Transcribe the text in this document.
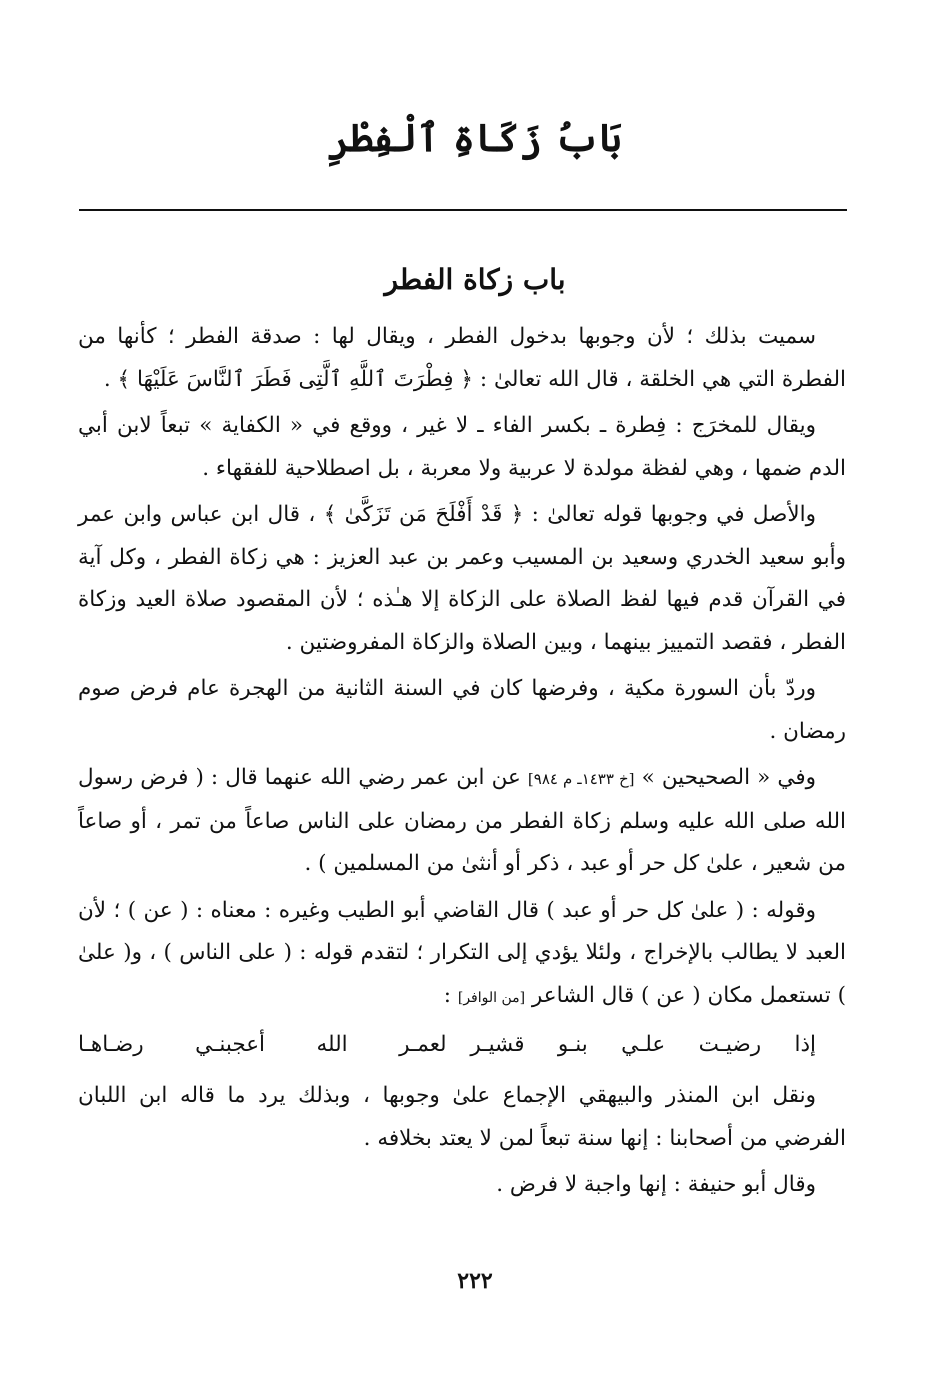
بَابُ زَكَاةِ ٱلْفِطْرِ
باب زكاة الفطر

سميت بذلك ؛ لأن وجوبها بدخول الفطر ، ويقال لها : صدقة الفطر ؛ كأنها من الفطرة التي هي الخلقة ، قال الله تعالىٰ : ﴿ فِطْرَتَ ٱللَّهِ ٱلَّتِى فَطَرَ ٱلنَّاسَ عَلَيْهَا ﴾ .

ويقال للمخرَج : فِطرة ـ بكسر الفاء ـ لا غير ، ووقع في « الكفاية » تبعاً لابن أبي الدم ضمها ، وهي لفظة مولدة لا عربية ولا معربة ، بل اصطلاحية للفقهاء .

والأصل في وجوبها قوله تعالىٰ : ﴿ قَدْ أَفْلَحَ مَن تَزَكَّىٰ ﴾ ، قال ابن عباس وابن عمر وأبو سعيد الخدري وسعيد بن المسيب وعمر بن عبد العزيز : هي زكاة الفطر ، وكل آية في القرآن قدم فيها لفظ الصلاة على الزكاة إلا هـٰذه ؛ لأن المقصود صلاة العيد وزكاة الفطر ، فقصد التمييز بينهما ، وبين الصلاة والزكاة المفروضتين .

وردّ بأن السورة مكية ، وفرضها كان في السنة الثانية من الهجرة عام فرض صوم رمضان .

وفي « الصحيحين » [خ ١٤٣٣ـ م ٩٨٤] عن ابن عمر رضي الله عنهما قال : ( فرض رسول الله صلى الله عليه وسلم زكاة الفطر من رمضان على الناس صاعاً من تمر ، أو صاعاً من شعير ، علىٰ كل حر أو عبد ، ذكر أو أنثىٰ من المسلمين ) .

وقوله : ( علىٰ كل حر أو عبد ) قال القاضي أبو الطيب وغيره : معناه : ( عن ) ؛ لأن العبد لا يطالب بالإخراج ، ولئلا يؤدي إلى التكرار ؛ لتقدم قوله : ( على الناس ) ، و( علىٰ ) تستعمل مكان ( عن ) قال الشاعر [من الوافر] :

إذا رضيـت علـي بنـو قشيـر
لعمـر الله أعجبنـي رضـاهـا

ونقل ابن المنذر والبيهقي الإجماع علىٰ وجوبها ، وبذلك يرد ما قاله ابن اللبان الفرضي من أصحابنا : إنها سنة تبعاً لمن لا يعتد بخلافه .

وقال أبو حنيفة : إنها واجبة لا فرض .

٢٢٢
